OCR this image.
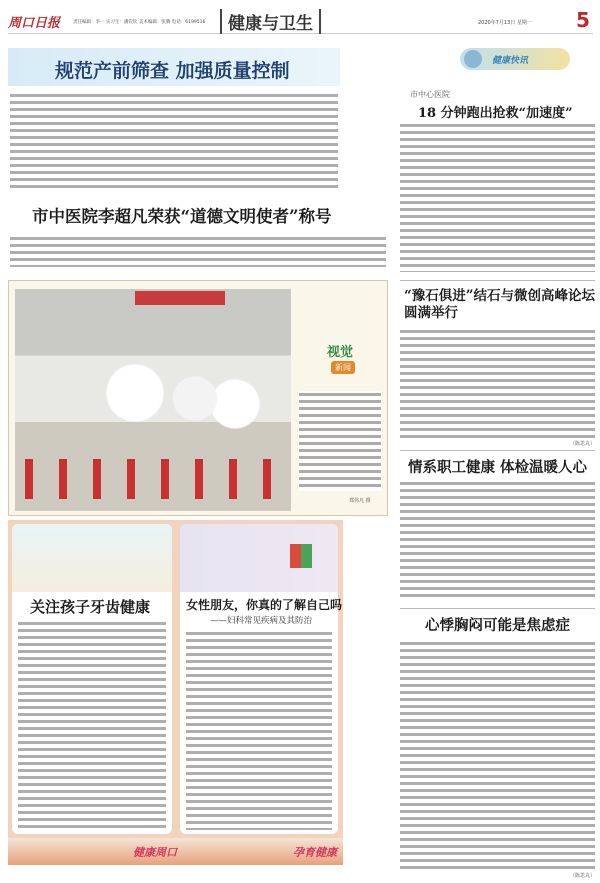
周口日报	责任编辑：李一 实习生：潘钦钦 美术编辑：张腾 电话：6199516	健康与卫生	2020年7月13日 星期一 5
规范产前筛查 加强质量控制
市中医院李超凡荣获“道德文明使者”称号
视觉
新闻
郑伟凡 摄
健康快讯
市中心医院
18 分钟跑出抢救“加速度”
“豫石俱进”结石与微创高峰论坛圆满举行
（陈思丸）
情系职工健康 体检温暖人心
心悸胸闷可能是焦虑症
（陈思丸）
关注孩子牙齿健康	女性朋友，你真的了解自己吗
——妇科常见疾病及其防治
健康周口	孕育健康
